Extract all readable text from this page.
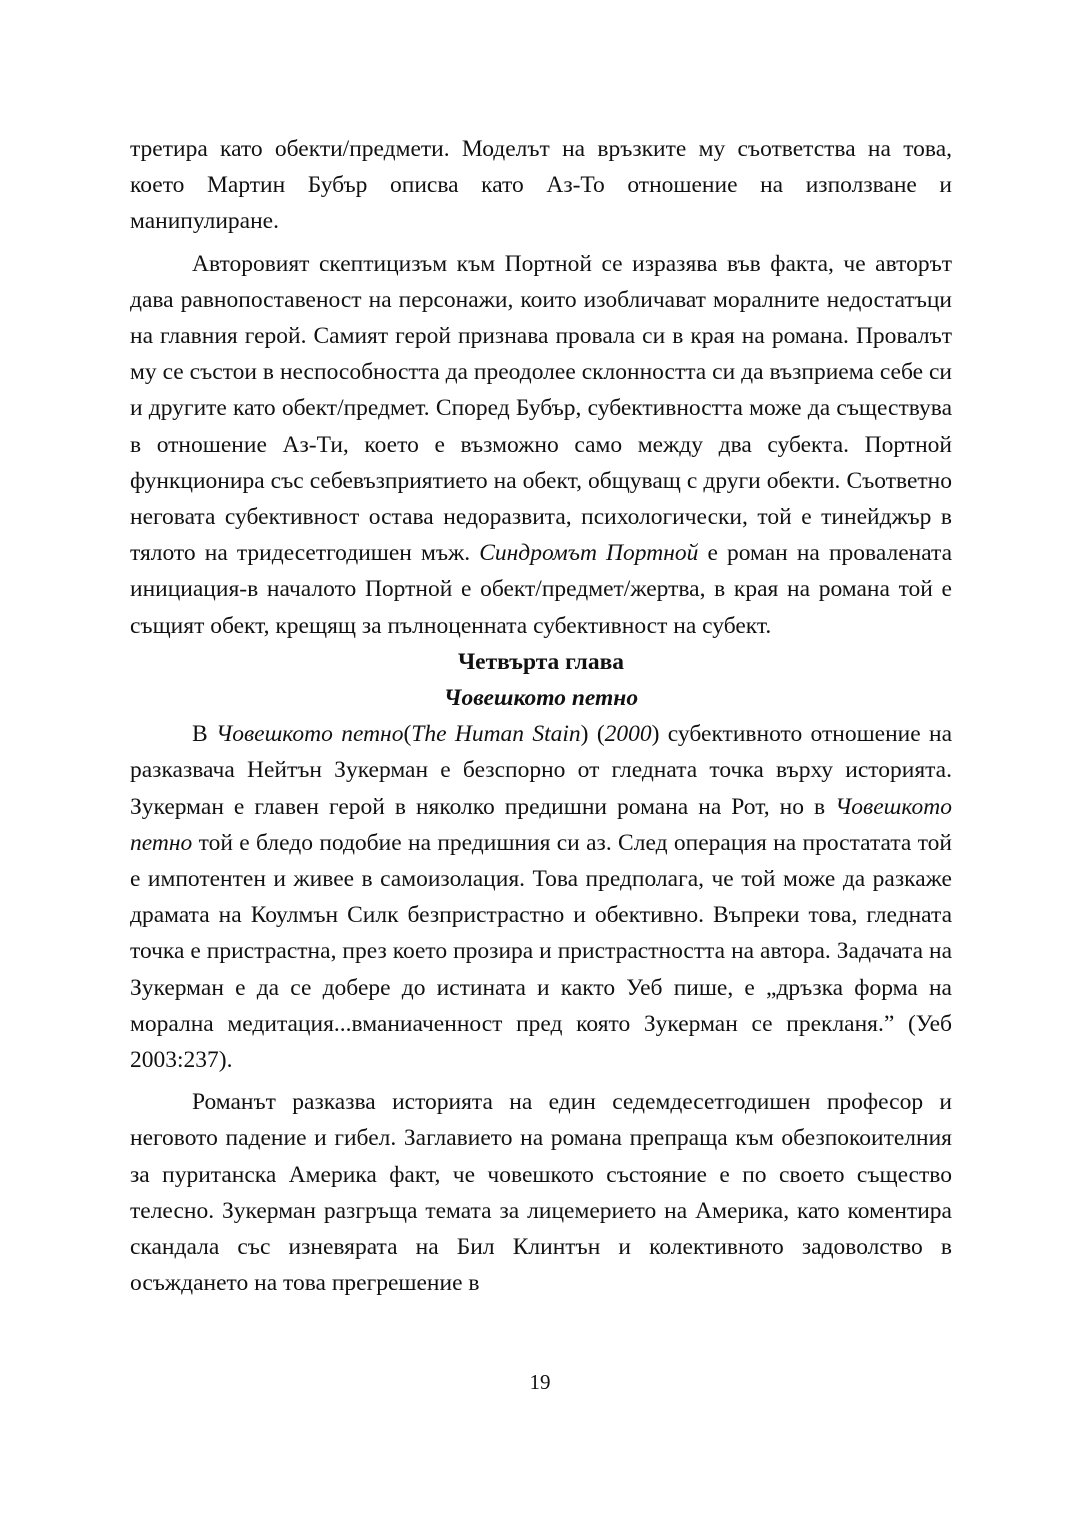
третира като обекти/предмети. Моделът на връзките му съответства на това, което Мартин Бубър описва като Аз-То отношение на използване и манипулиране.

Авторовият скептицизъм към Портной се изразява във факта, че авторът дава равнопоставеност на персонажи, които изобличават моралните недостатъци на главния герой. Самият герой признава провала си в края на романа. Провалът му се състои в неспособността да преодолее склонността си да възприема себе си и другите като обект/предмет. Според Бубър, субективността може да съществува в отношение Аз-Ти, което е възможно само между два субекта. Портной функционира със себевъзприятието на обект, общуващ с други обекти. Съответно неговата субективност остава недоразвита, психологически, той е тинейджър в тялото на тридесетгодишен мъж. Синдромът Портной е роман на провалената инициация-в началото Портной е обект/предмет/жертва, в края на романа той е същият обект, крещящ за пълноценната субективност на субект.

Четвърта глава

Човешкото петно

В Човешкото петно(The Human Stain) (2000) субективното отношение на разказвача Нейтън Зукерман е безспорно от гледната точка върху историята. Зукерман е главен герой в няколко предишни романа на Рот, но в Човешкото петно той е бледо подобие на предишния си аз. След операция на простатата той е импотентен и живее в самоизолация. Това предполага, че той може да разкаже драмата на Коулмън Силк безпристрастно и обективно. Въпреки това, гледната точка е пристрастна, през което прозира и пристрастността на автора. Задачата на Зукерман е да се добере до истината и както Уеб пише, е „дръзка форма на морална медитация...вманиаченност пред която Зукерман се прекланя.” (Уеб 2003:237).

Романът разказва историята на един седемдесетгодишен професор и неговото падение и гибел. Заглавието на романа препраща към обезпокоителния за пуританска Америка факт, че човешкото състояние е по своето същество телесно. Зукерман разгръща темата за лицемерието на Америка, като коментира скандала със изневярата на Бил Клинтън и колективното задоволство в осъждането на това прегрешение в

19
